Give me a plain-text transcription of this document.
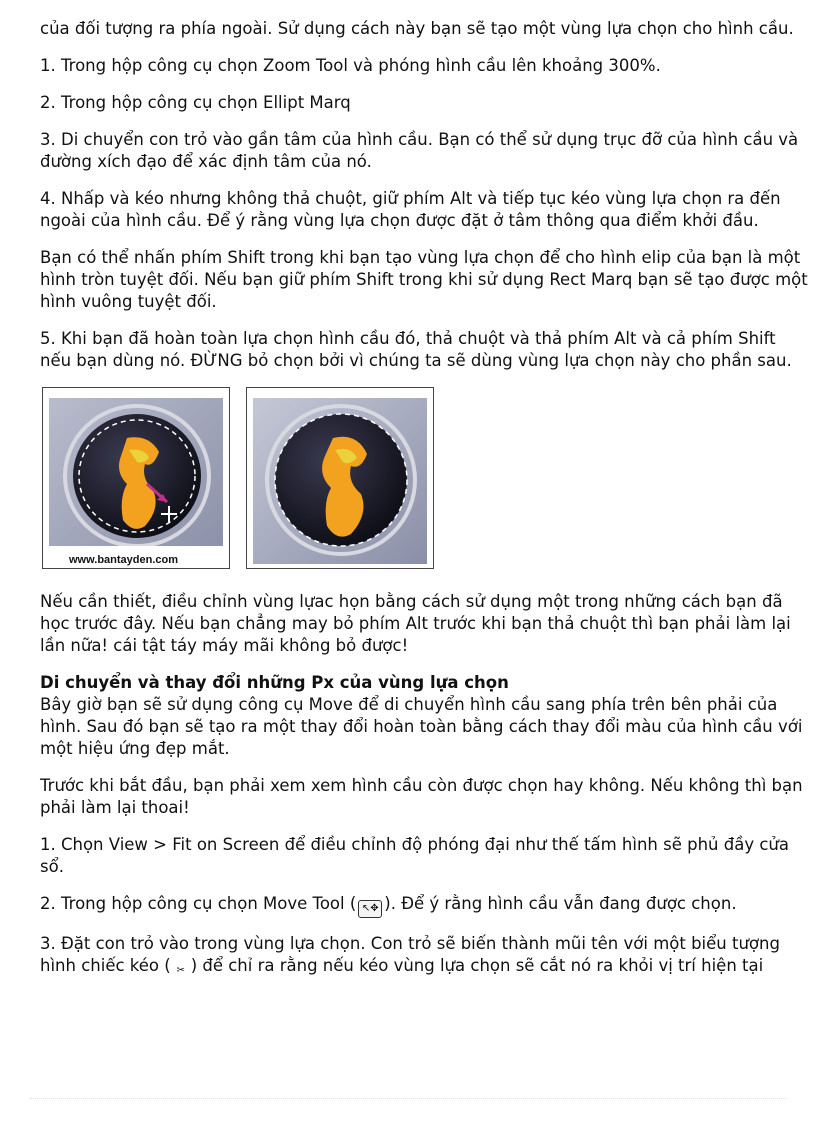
của đối tượng ra phía ngoài. Sử dụng cách này bạn sẽ tạo một vùng lựa chọn cho hình cầu.

1. Trong hộp công cụ chọn Zoom Tool và phóng hình cầu lên khoảng 300%.

2. Trong hộp công cụ chọn Ellipt Marq

3. Di chuyển con trỏ vào gần tâm của hình cầu. Bạn có thể sử dụng trục đỡ của hình cầu và đường xích đạo để xác định tâm của nó.

4. Nhấp và kéo nhưng không thả chuột, giữ phím Alt và tiếp tục kéo vùng lựa chọn ra đến ngoài của hình cầu. Để ý rằng vùng lựa chọn được đặt ở tâm thông qua điểm khởi đầu.

Bạn có thể nhấn phím Shift trong khi bạn tạo vùng lựa chọn để cho hình elip của bạn là một hình tròn tuyệt đối. Nếu bạn giữ phím Shift trong khi sử dụng Rect Marq bạn sẽ tạo được một hình vuông tuyệt đối.

5. Khi bạn đã hoàn toàn lựa chọn hình cầu đó, thả chuột và thả phím Alt và cả phím Shift nếu bạn dùng nó. ĐỪNG bỏ chọn bởi vì chúng ta sẽ dùng vùng lựa chọn này cho phần sau.

www.bantayden.com

Nếu cần thiết, điều chỉnh vùng lựac họn bằng cách sử dụng một trong những cách bạn đã học trước đây. Nếu bạn chẳng may bỏ phím Alt trước khi bạn thả chuột thì bạn phải làm lại lần nữa! cái tật táy máy mãi không bỏ được!

Di chuyển và thay đổi những Px của vùng lựa chọn

Bây giờ bạn sẽ sử dụng công cụ Move để di chuyển hình cầu sang phía trên bên phải của hình. Sau đó bạn sẽ tạo ra một thay đổi hoàn toàn bằng cách thay đổi màu của hình cầu với một hiệu ứng đẹp mắt.

Trước khi bắt đầu, bạn phải xem xem hình cầu còn được chọn hay không. Nếu không thì bạn phải làm lại thoai!

1. Chọn View > Fit on Screen để điều chỉnh độ phóng đại như thế tấm hình sẽ phủ đầy cửa sổ.

2. Trong hộp công cụ chọn Move Tool ( ↖✥ ). Để ý rằng hình cầu vẫn đang được chọn.

3. Đặt con trỏ vào trong vùng lựa chọn. Con trỏ sẽ biến thành mũi tên với một biểu tượng hình chiếc kéo ( ✂ ) để chỉ ra rằng nếu kéo vùng lựa chọn sẽ cắt nó ra khỏi vị trí hiện tại
